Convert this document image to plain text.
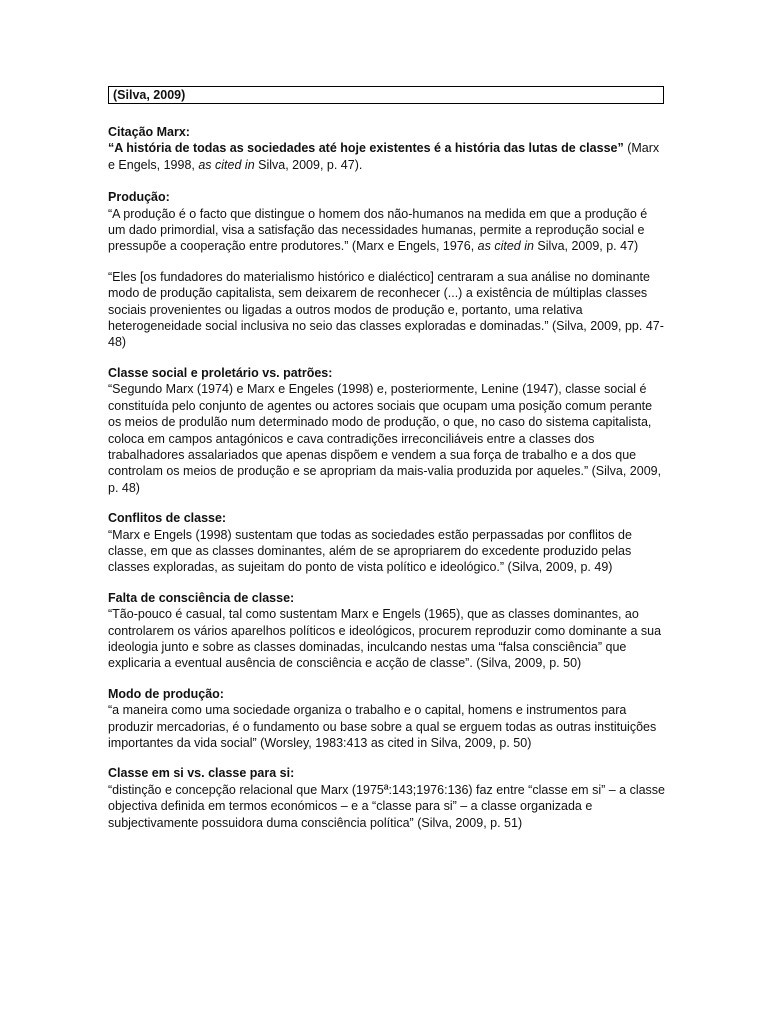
(Silva, 2009)
Citação Marx:
“A história de todas as sociedades até hoje existentes é a história das lutas de classe” (Marx e Engels, 1998, as cited in Silva, 2009, p. 47).
Produção:
“A produção é o facto que distingue o homem dos não-humanos na medida em que a produção é um dado primordial, visa a satisfação das necessidades humanas, permite a reprodução social e pressupõe a cooperação entre produtores.” (Marx e Engels, 1976, as cited in Silva, 2009, p. 47)
“Eles [os fundadores do materialismo histórico e dialéctico] centraram a sua análise no dominante modo de produção capitalista, sem deixarem de reconhecer (...) a existência de múltiplas classes sociais provenientes ou ligadas a outros modos de produção e, portanto, uma relativa heterogeneidade social inclusiva no seio das classes exploradas e dominadas.” (Silva, 2009, pp. 47-48)
Classe social e proletário vs. patrões:
“Segundo Marx (1974) e Marx e Engeles (1998) e, posteriormente, Lenine (1947), classe social é constituída pelo conjunto de agentes ou actores sociais que ocupam uma posição comum perante os meios de produlão num determinado modo de produção, o que, no caso do sistema capitalista, coloca em campos antagónicos e cava contradições irreconciliáveis entre a classes dos trabalhadores assalariados que apenas dispõem e vendem a sua força de trabalho e a dos que controlam os meios de produção e se apropriam da mais-valia produzida por aqueles.” (Silva, 2009, p. 48)
Conflitos de classe:
“Marx e Engels (1998) sustentam que todas as sociedades estão perpassadas por conflitos de classe, em que as classes dominantes, além de se apropriarem do excedente produzido pelas classes exploradas, as sujeitam do ponto de vista político e ideológico.” (Silva, 2009, p. 49)
Falta de consciência de classe:
“Tão-pouco é casual, tal como sustentam Marx e Engels (1965), que as classes dominantes, ao controlarem os vários aparelhos políticos e ideológicos, procurem reproduzir como dominante a sua ideologia junto e sobre as classes dominadas, inculcando nestas uma “falsa consciência” que explicaria a eventual ausência de consciência e acção de classe”. (Silva, 2009, p. 50)
Modo de produção:
“a maneira como uma sociedade organiza o trabalho e o capital, homens e instrumentos para produzir mercadorias, é o fundamento ou base sobre a qual se erguem todas as outras instituições importantes da vida social” (Worsley, 1983:413 as cited in Silva, 2009, p. 50)
Classe em si vs. classe para si:
“distinção e concepção relacional que Marx (1975ª:143;1976:136) faz entre “classe em si” – a classe objectiva definida em termos económicos – e a “classe para si” – a classe organizada e subjectivamente possuidora duma consciência política” (Silva, 2009, p. 51)
